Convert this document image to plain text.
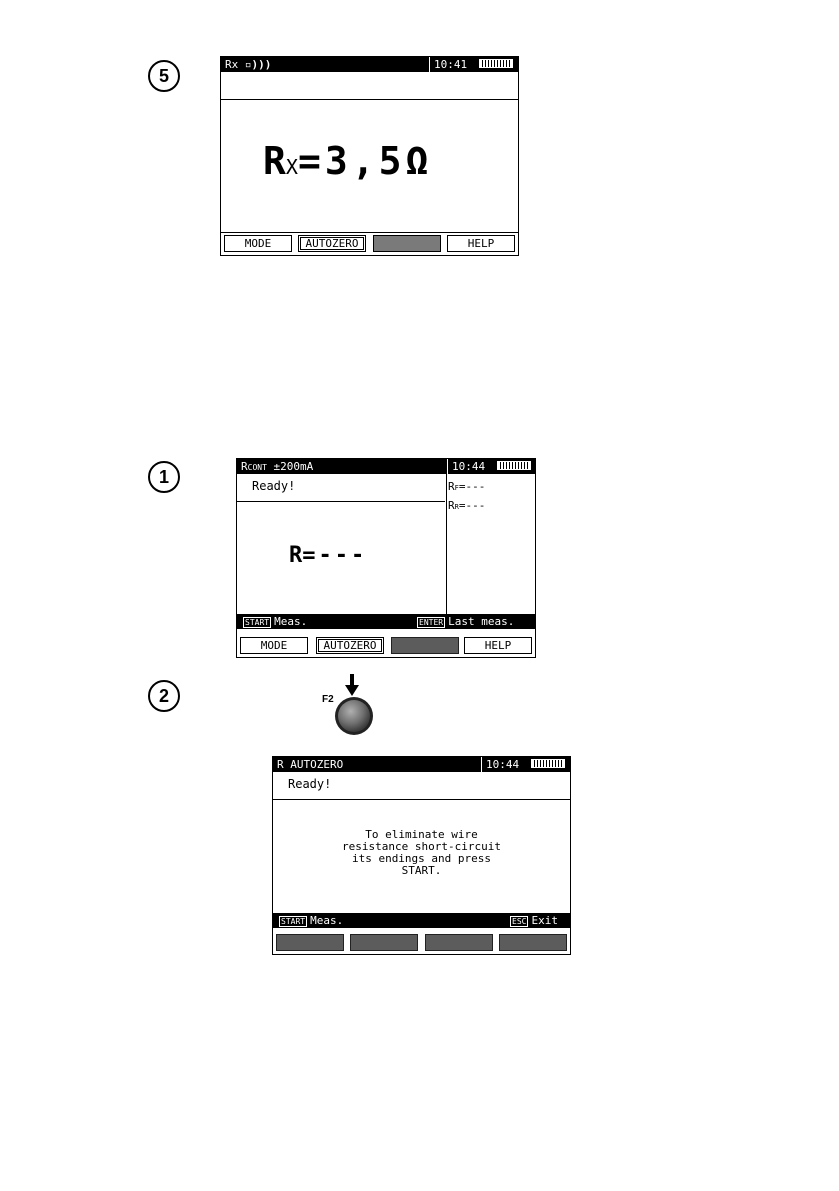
5
Rx ▫)))	10:41
RX=3,5Ω
MODE	AUTOZERO	HELP
1	RCONT ±200mA	10:44
Ready!	RF=---
RR=---
R=---
START Meas.	ENTER Last meas.
MODE	AUTOZERO	HELP
2	F2
R AUTOZERO	10:44
Ready!
To eliminate wire
resistance short-circuit
its endings and press
START.
START Meas.	ESC Exit
